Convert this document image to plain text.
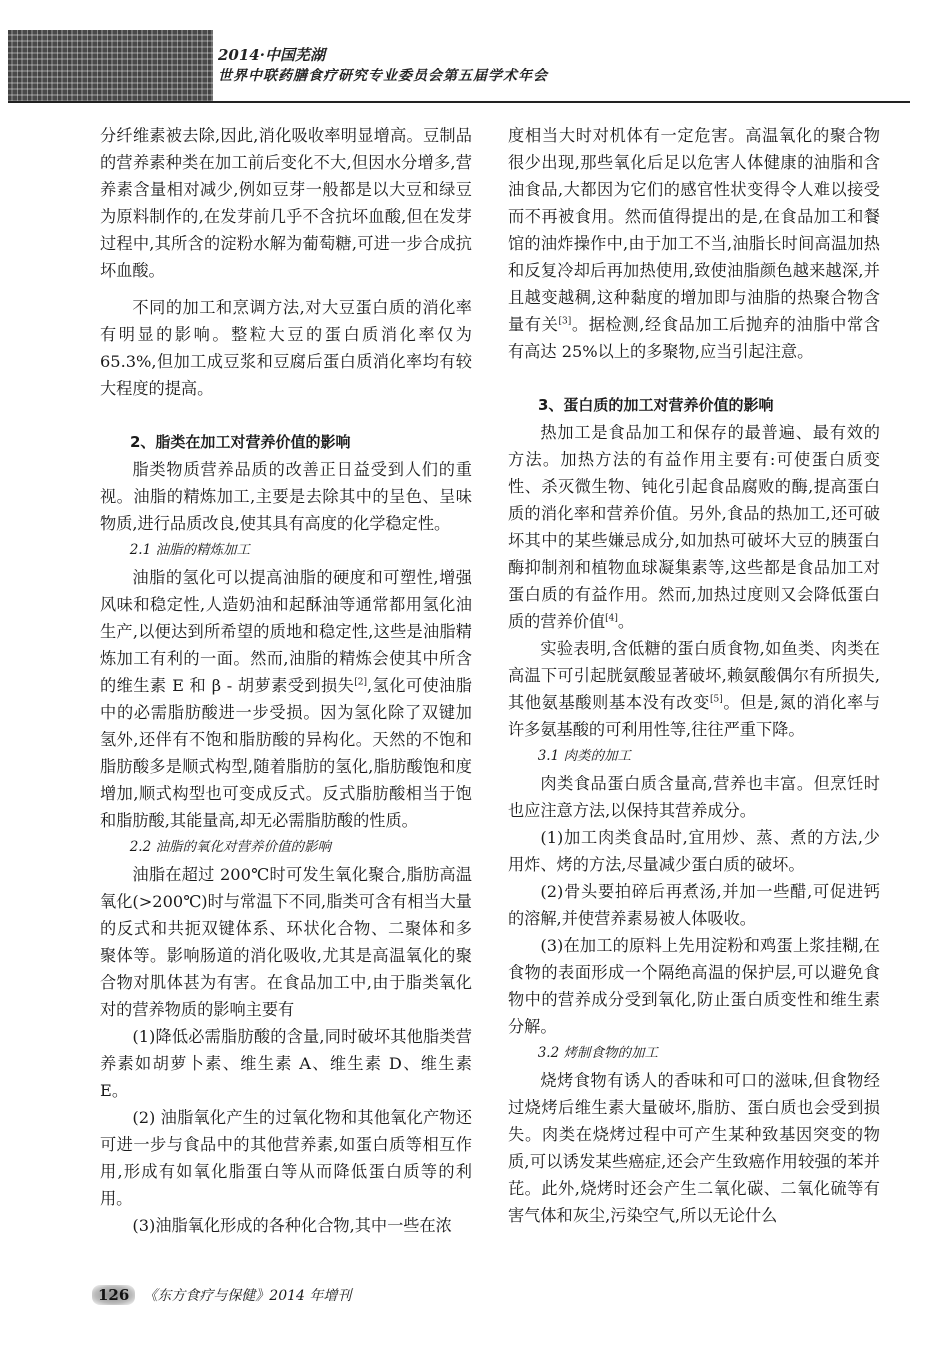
2014·中国芜湖
世界中联药膳食疗研究专业委员会第五届学术年会

分纤维素被去除,因此,消化吸收率明显增高。豆制品的营养素种类在加工前后变化不大,但因水分增多,营养素含量相对减少,例如豆芽一般都是以大豆和绿豆为原料制作的,在发芽前几乎不含抗坏血酸,但在发芽过程中,其所含的淀粉水解为葡萄糖,可进一步合成抗坏血酸。

不同的加工和烹调方法,对大豆蛋白质的消化率有明显的影响。整粒大豆的蛋白质消化率仅为65.3%,但加工成豆浆和豆腐后蛋白质消化率均有较大程度的提高。

2、脂类在加工对营养价值的影响

脂类物质营养品质的改善正日益受到人们的重视。油脂的精炼加工,主要是去除其中的呈色、呈味物质,进行品质改良,使其具有高度的化学稳定性。

2.1 油脂的精炼加工

油脂的氢化可以提高油脂的硬度和可塑性,增强风味和稳定性,人造奶油和起酥油等通常都用氢化油生产,以便达到所希望的质地和稳定性,这些是油脂精炼加工有利的一面。然而,油脂的精炼会使其中所含的维生素 E 和 β - 胡萝素受到损失[2],氢化可使油脂中的必需脂肪酸进一步受损。因为氢化除了双键加氢外,还伴有不饱和脂肪酸的异构化。天然的不饱和脂肪酸多是顺式构型,随着脂肪的氢化,脂肪酸饱和度增加,顺式构型也可变成反式。反式脂肪酸相当于饱和脂肪酸,其能量高,却无必需脂肪酸的性质。

2.2 油脂的氧化对营养价值的影响

油脂在超过 200℃时可发生氧化聚合,脂肪高温氧化(>200℃)时与常温下不同,脂类可含有相当大量的反式和共扼双键体系、环状化合物、二聚体和多聚体等。影响肠道的消化吸收,尤其是高温氧化的聚合物对肌体甚为有害。在食品加工中,由于脂类氧化对的营养物质的影响主要有

(1)降低必需脂肪酸的含量,同时破坏其他脂类营养素如胡萝卜素、维生素 A、维生素 D、维生素 E。

(2) 油脂氧化产生的过氧化物和其他氧化产物还可进一步与食品中的其他营养素,如蛋白质等相互作用,形成有如氧化脂蛋白等从而降低蛋白质等的利用。

(3)油脂氧化形成的各种化合物,其中一些在浓

度相当大时对机体有一定危害。高温氧化的聚合物很少出现,那些氧化后足以危害人体健康的油脂和含油食品,大都因为它们的感官性状变得令人难以接受而不再被食用。然而值得提出的是,在食品加工和餐馆的油炸操作中,由于加工不当,油脂长时间高温加热和反复冷却后再加热使用,致使油脂颜色越来越深,并且越变越稠,这种黏度的增加即与油脂的热聚合物含量有关[3]。据检测,经食品加工后抛弃的油脂中常含有高达 25%以上的多聚物,应当引起注意。

3、蛋白质的加工对营养价值的影响

热加工是食品加工和保存的最普遍、最有效的方法。加热方法的有益作用主要有:可使蛋白质变性、杀灭微生物、钝化引起食品腐败的酶,提高蛋白质的消化率和营养价值。另外,食品的热加工,还可破坏其中的某些嫌忌成分,如加热可破坏大豆的胰蛋白酶抑制剂和植物血球凝集素等,这些都是食品加工对蛋白质的有益作用。然而,加热过度则又会降低蛋白质的营养价值[4]。

实验表明,含低糖的蛋白质食物,如鱼类、肉类在高温下可引起胱氨酸显著破坏,赖氨酸偶尔有所损失,其他氨基酸则基本没有改变[5]。但是,氮的消化率与许多氨基酸的可利用性等,往往严重下降。

3.1 肉类的加工

肉类食品蛋白质含量高,营养也丰富。但烹饪时也应注意方法,以保持其营养成分。

(1)加工肉类食品时,宜用炒、蒸、煮的方法,少用炸、烤的方法,尽量减少蛋白质的破坏。

(2)骨头要拍碎后再煮汤,并加一些醋,可促进钙的溶解,并使营养素易被人体吸收。

(3)在加工的原料上先用淀粉和鸡蛋上浆挂糊,在食物的表面形成一个隔绝高温的保护层,可以避免食物中的营养成分受到氧化,防止蛋白质变性和维生素分解。

3.2 烤制食物的加工

烧烤食物有诱人的香味和可口的滋味,但食物经过烧烤后维生素大量破坏,脂肪、蛋白质也会受到损失。肉类在烧烤过程中可产生某种致基因突变的物质,可以诱发某些癌症,还会产生致癌作用较强的苯并芘。此外,烧烤时还会产生二氧化碳、二氧化硫等有害气体和灰尘,污染空气,所以无论什么

126 《东方食疗与保健》2014 年增刊
